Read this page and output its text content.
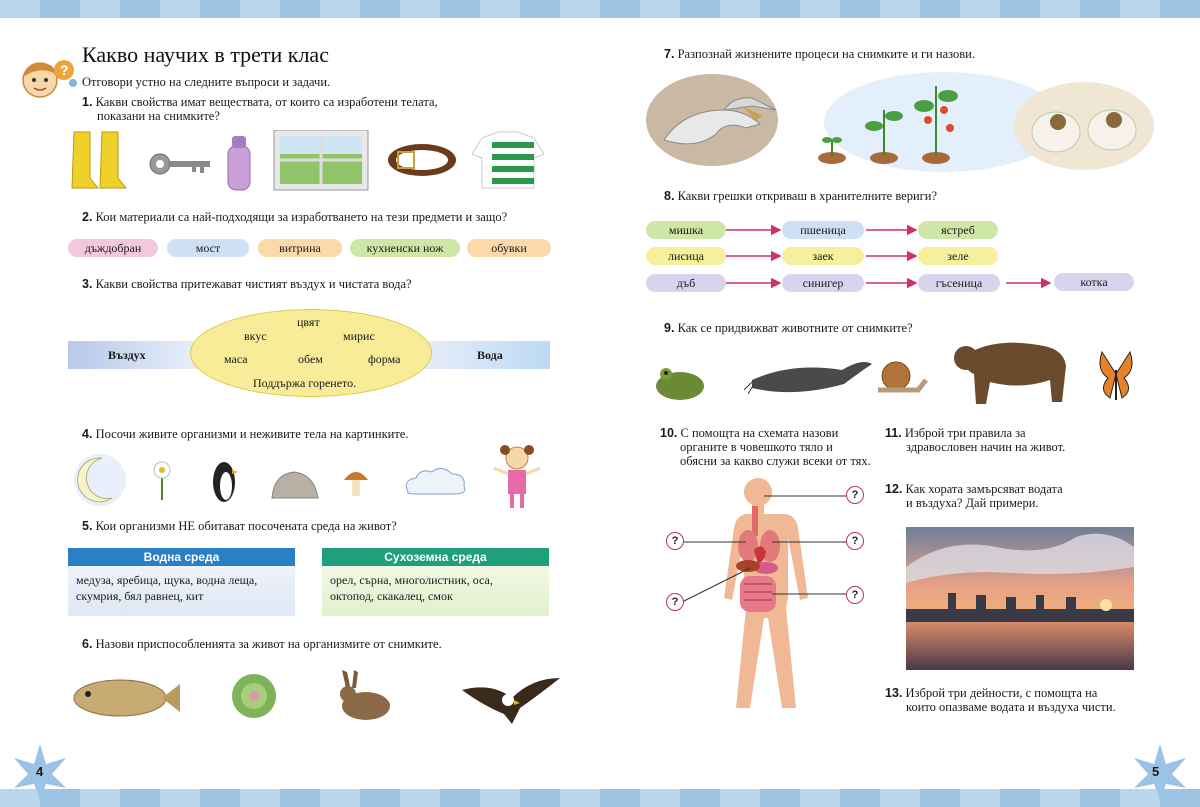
Какво научих в трети клас
?
Отговори устно на следните въпроси и задачи.
1. Какви свойства имат веществата, от които са изработени телата,
показани на снимките?
2. Кои материали са най-подходящи за изработването на тези предмети и защо?
дъждобран	мост	витрина	кухненски нож	обувки
3. Какви свойства притежават чистият въздух и чистата вода?
Въздух	Вода
цвят
вкус	мирис
маса	обем	форма
Поддържа горенето.
4. Посочи живите организми и неживите тела на картинките.
5. Кои организми НЕ обитават посочената среда на живот?
Водна среда
медуза, яребица, щука, водна леща,
скумрия, бял равнец, кит
Сухоземна среда
орел, сърна, многолистник, оса,
октопод, скакалец, смок
6. Назови приспособленията за живот на организмите от снимките.
4
7. Разпознай жизнените процеси на снимките и ги назови.
8. Какви грешки откриваш в хранителните вериги?
мишка	пшеница	ястреб
лисица	заек	зеле
дъб	синигер	гъсеница	котка
9. Как се придвижват животните от снимките?
10. С помощта на схемата назови
органите в човешкото тяло и
обясни за какво служи всеки от тях.
?
?	?
?
?
11. Изброй три правила за
здравословен начин на живот.
12. Как хората замърсяват водата
и въздуха? Дай примери.
13. Изброй три дейности, с помощта на
които опазваме водата и въздуха чисти.
5
